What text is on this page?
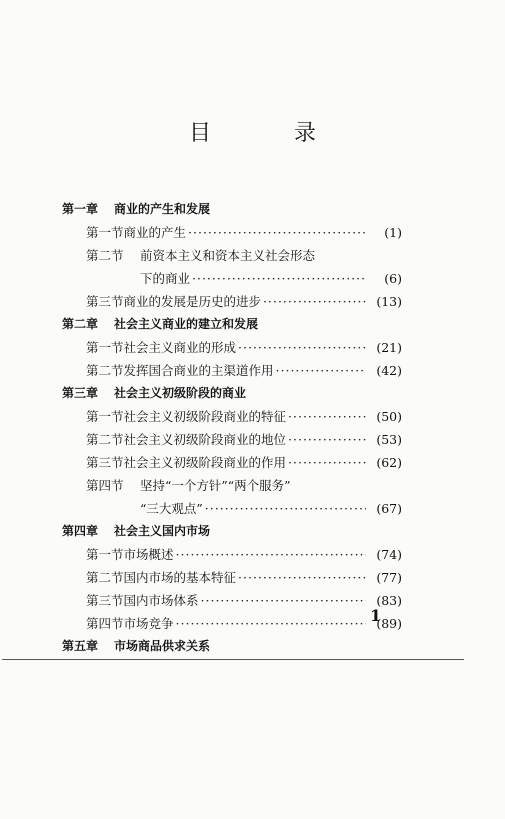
目 录
第一章	商业的产生和发展
第一节 商业的产生 ·····	(1)
第二节	前资本主义和资本主义社会形态
下的商业 ·····	(6)
第三节 商业的发展是历史的进步 ·····	(13)
第二章	社会主义商业的建立和发展
第一节 社会主义商业的形成 ·····	(21)
第二节 发挥国合商业的主渠道作用 ·····	(42)
第三章	社会主义初级阶段的商业
第一节 社会主义初级阶段商业的特征 ·····	(50)
第二节 社会主义初级阶段商业的地位 ·····	(53)
第三节 社会主义初级阶段商业的作用 ·····	(62)
第四节	坚持“一个方针”“两个服务”
“三大观点” ·····	(67)
第四章	社会主义国内市场
第一节 市场概述 ·····	(74)
第二节 国内市场的基本特征 ·····	(77)
第三节 国内市场体系 ·····	(83)
第四节 市场竞争 ·····	(89)
第五章	市场商品供求关系
1
